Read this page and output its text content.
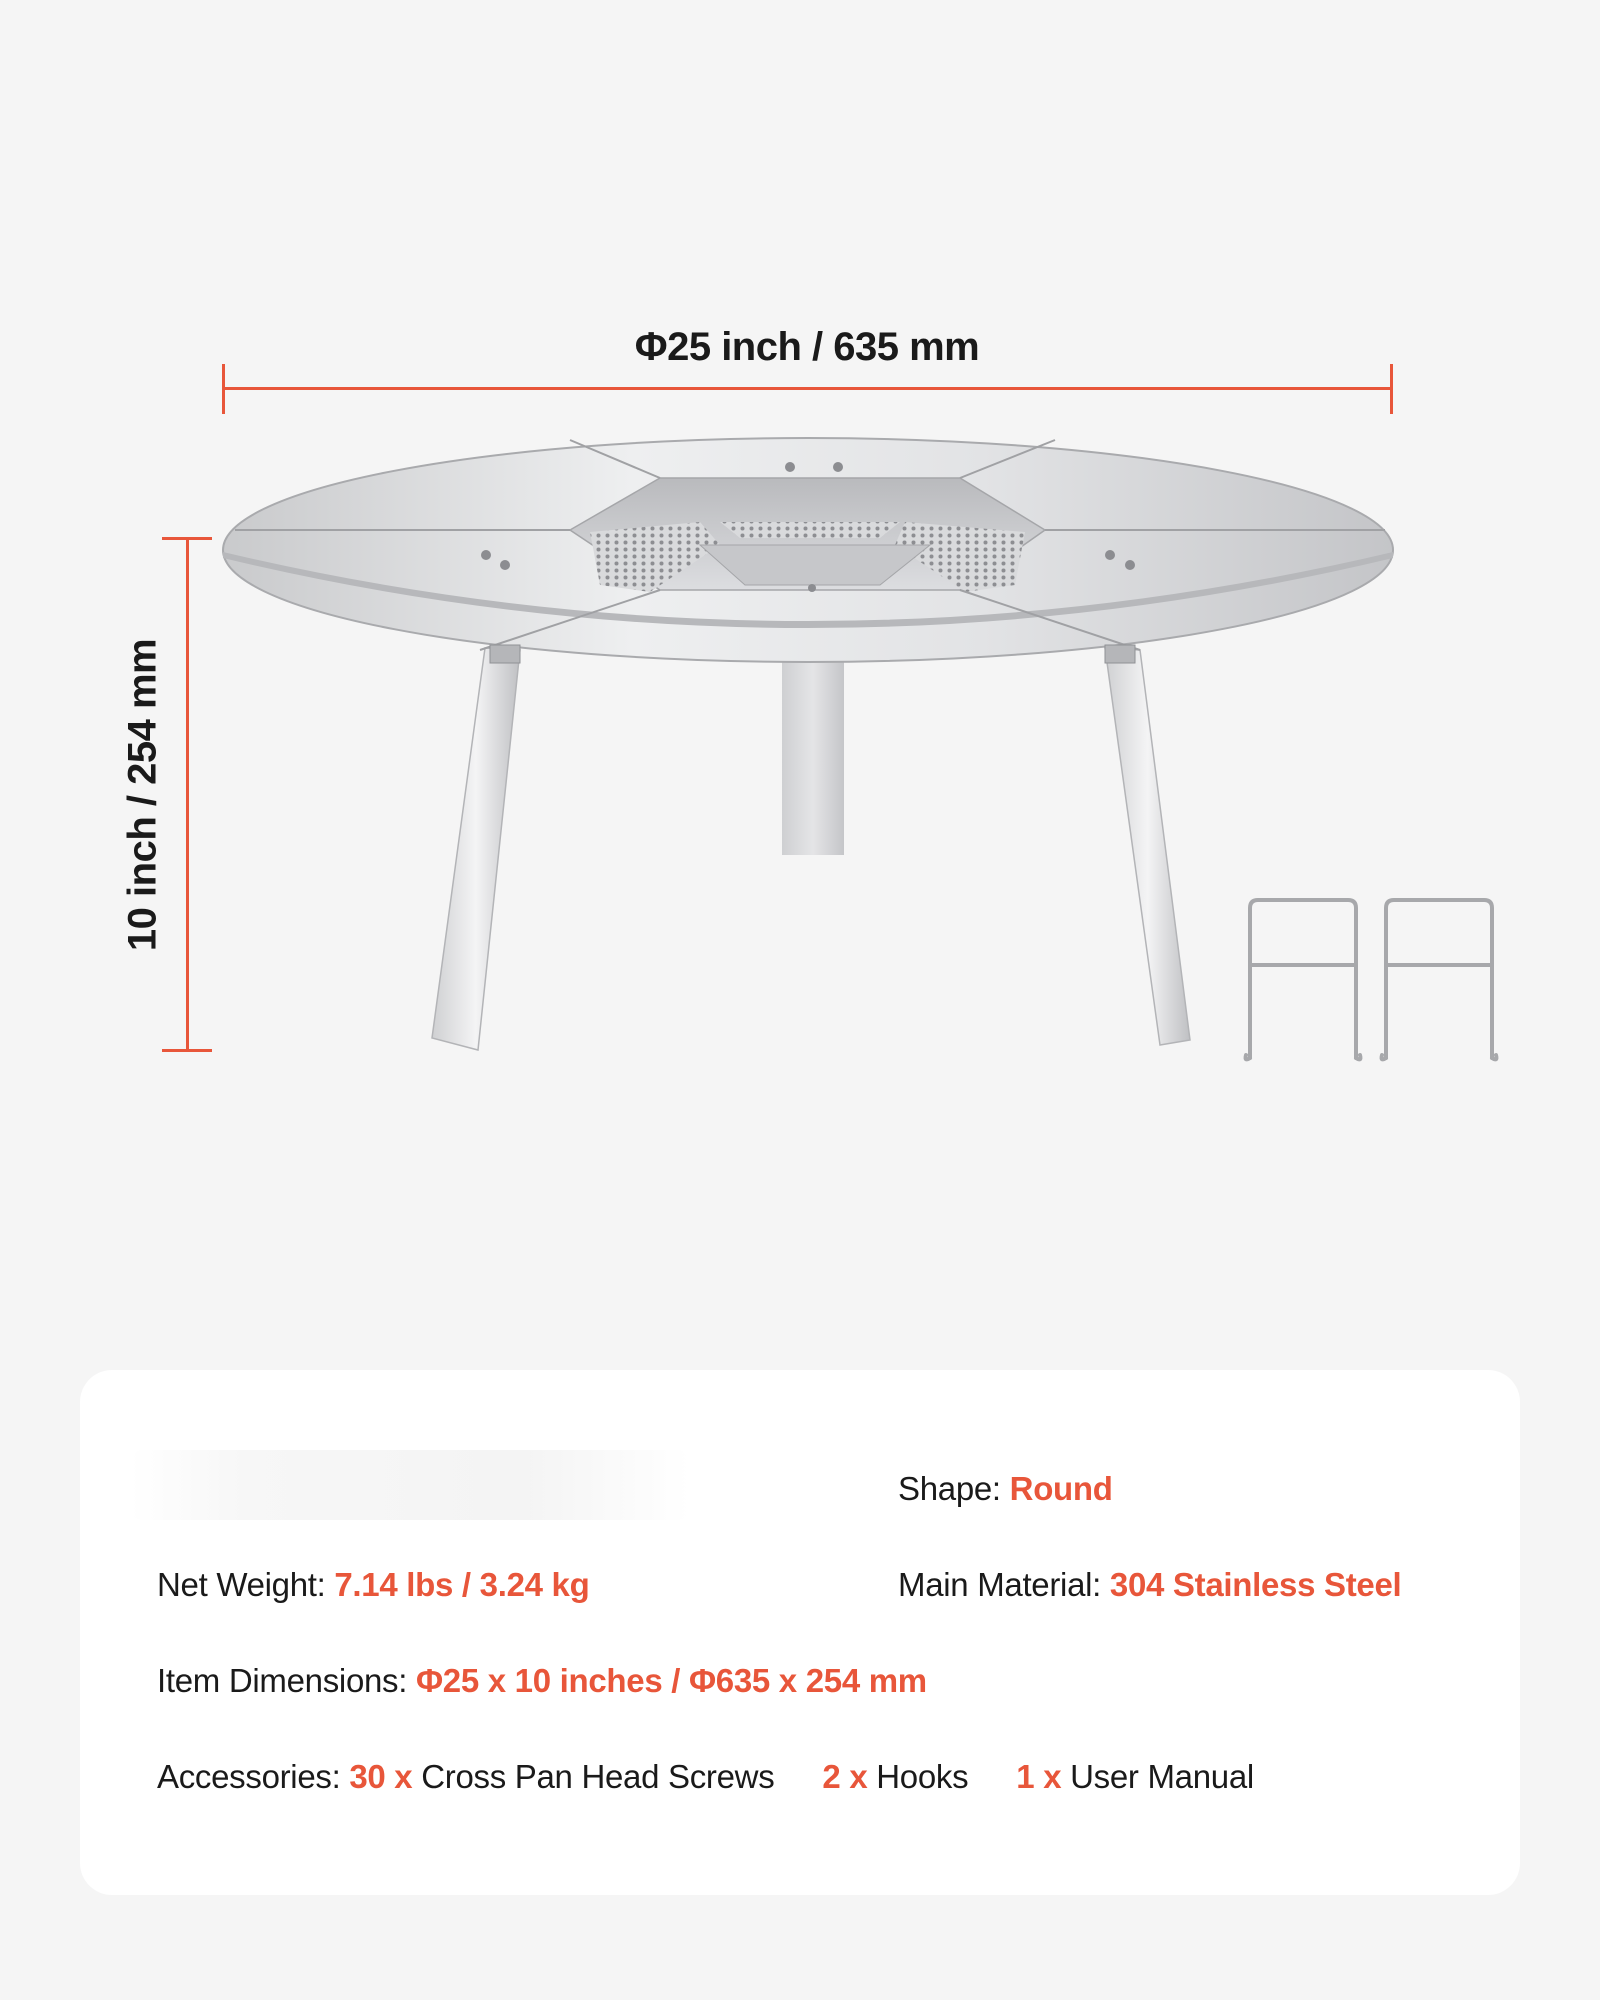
Φ25 inch / 635 mm
10 inch / 254 mm
Shape: Round
Net Weight: 7.14 lbs / 3.24 kg	Main Material: 304 Stainless Steel
Item Dimensions: Φ25 x 10 inches / Φ635 x 254 mm
Accessories: 30 x Cross Pan Head Screws 2 x Hooks 1 x User Manual
